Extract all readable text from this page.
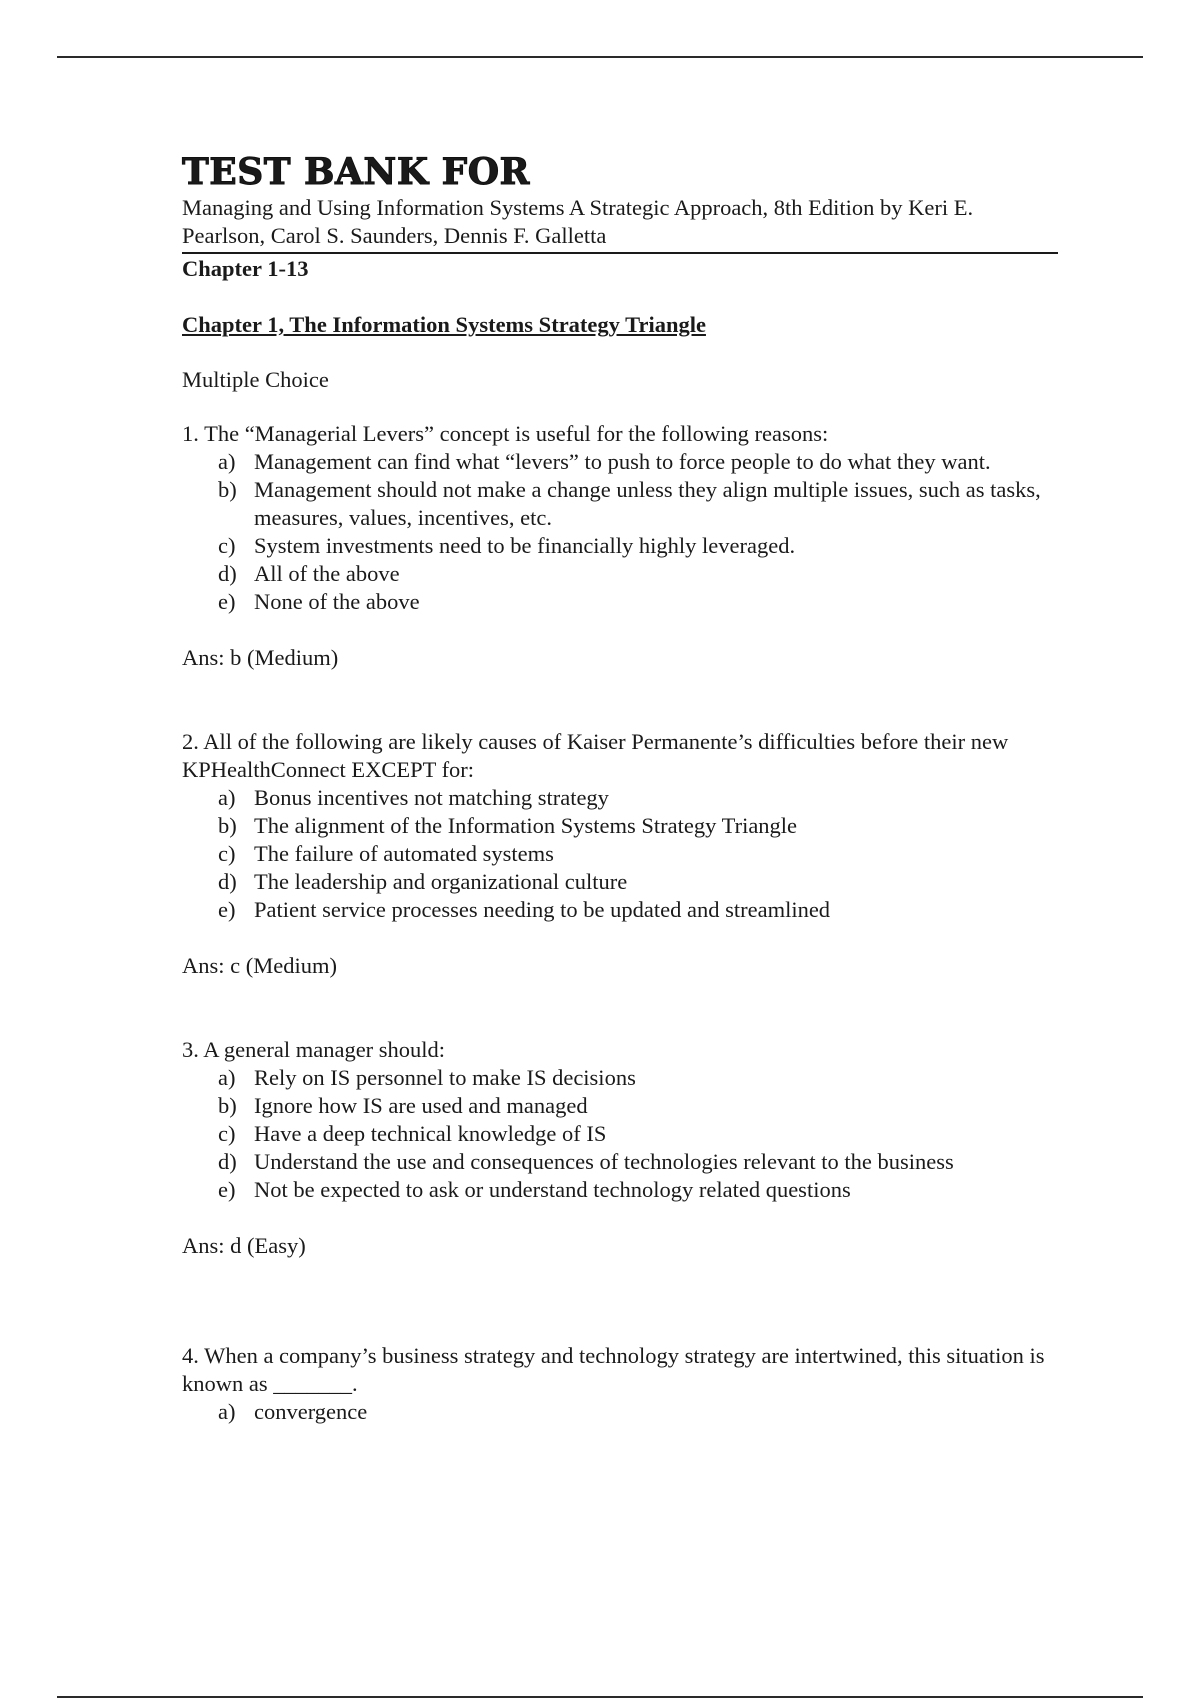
TEST BANK FOR

Managing and Using Information Systems A Strategic Approach, 8th Edition by Keri E. Pearlson, Carol S. Saunders, Dennis F. Galletta

Chapter 1-13

Chapter 1, The Information Systems Strategy Triangle

Multiple Choice

1. The “Managerial Levers” concept is useful for the following reasons:

a) Management can find what “levers” to push to force people to do what they want.
b) Management should not make a change unless they align multiple issues, such as tasks, measures, values, incentives, etc.
c) System investments need to be financially highly leveraged.
d) All of the above
e) None of the above

Ans: b (Medium)

2. All of the following are likely causes of Kaiser Permanente’s difficulties before their new KPHealthConnect EXCEPT for:

a) Bonus incentives not matching strategy
b) The alignment of the Information Systems Strategy Triangle
c) The failure of automated systems
d) The leadership and organizational culture
e) Patient service processes needing to be updated and streamlined

Ans: c (Medium)

3. A general manager should:

a) Rely on IS personnel to make IS decisions
b) Ignore how IS are used and managed
c) Have a deep technical knowledge of IS
d) Understand the use and consequences of technologies relevant to the business
e) Not be expected to ask or understand technology related questions

Ans: d (Easy)

4. When a company’s business strategy and technology strategy are intertwined, this situation is known as _______.

a) convergence
